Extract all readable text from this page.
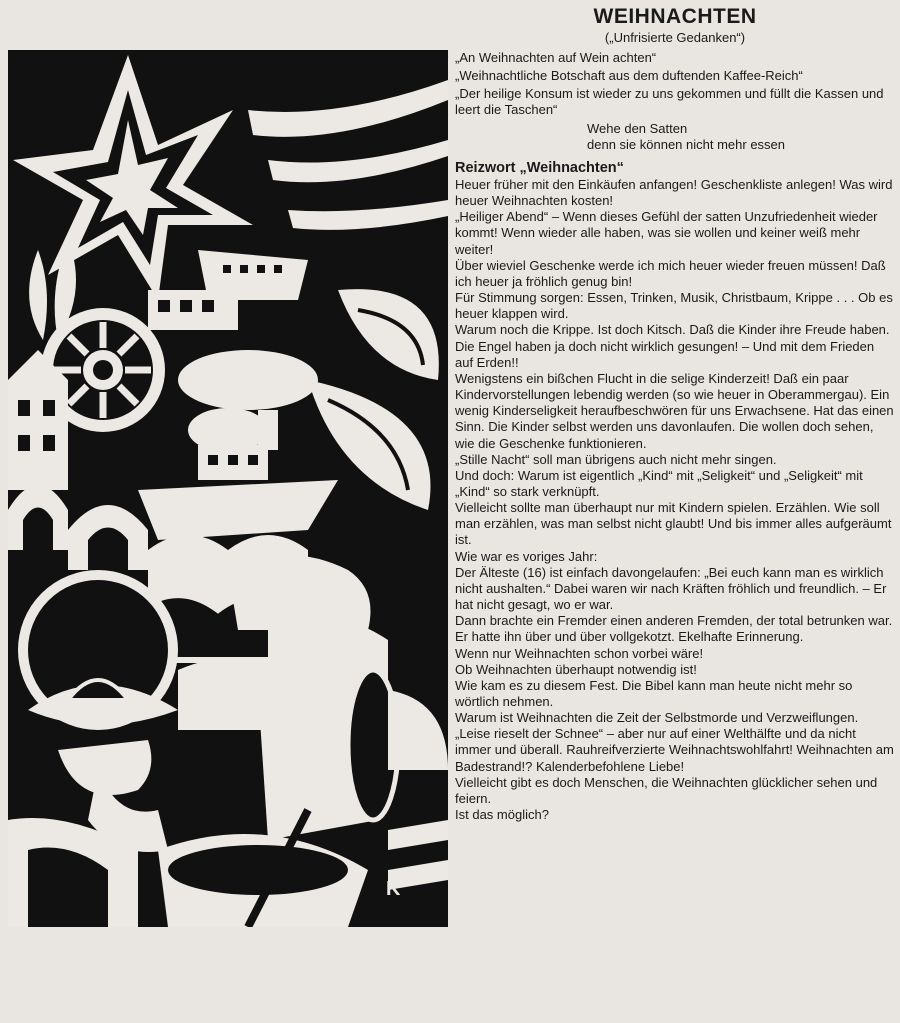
K
WEIHNACHTEN

(„Unfrisierte Gedanken“)

„An Weihnachten auf Wein achten“

„Weihnachtliche Botschaft aus dem duftenden Kaffee-Reich“

„Der heilige Konsum ist wieder zu uns gekommen und füllt die Kassen und leert die Taschen“

Wehe den Satten

denn sie können nicht mehr essen

Reizwort „Weihnachten“

Heuer früher mit den Einkäufen anfangen! Geschenkliste anlegen! Was wird heuer Weihnachten kosten!

„Heiliger Abend“ – Wenn dieses Gefühl der satten Unzufriedenheit wieder kommt! Wenn wieder alle haben, was sie wollen und keiner weiß mehr weiter!

Über wieviel Geschenke werde ich mich heuer wieder freuen müssen! Daß ich heuer ja fröhlich genug bin!

Für Stimmung sorgen: Essen, Trinken, Musik, Christbaum, Krippe . . . Ob es heuer klappen wird.

Warum noch die Krippe. Ist doch Kitsch. Daß die Kinder ihre Freude haben.

Die Engel haben ja doch nicht wirklich gesungen! – Und mit dem Frieden auf Erden!!

Wenigstens ein bißchen Flucht in die selige Kinderzeit! Daß ein paar Kindervorstellungen lebendig werden (so wie heuer in Oberammergau). Ein wenig Kinderseligkeit heraufbeschwören für uns Erwachsene. Hat das einen Sinn. Die Kinder selbst werden uns davonlaufen. Die wollen doch sehen, wie die Geschenke funktionieren.

„Stille Nacht“ soll man übrigens auch nicht mehr singen.

Und doch: Warum ist eigentlich „Kind“ mit „Seligkeit“ und „Seligkeit“ mit „Kind“ so stark verknüpft.

Vielleicht sollte man überhaupt nur mit Kindern spielen. Erzählen. Wie soll man erzählen, was man selbst nicht glaubt! Und bis immer alles aufgeräumt ist.

Wie war es voriges Jahr:

Der Älteste (16) ist einfach davongelaufen: „Bei euch kann man es wirklich nicht aushalten.“ Dabei waren wir nach Kräften fröhlich und freundlich. – Er hat nicht gesagt, wo er war.

Dann brachte ein Fremder einen anderen Fremden, der total betrunken war. Er hatte ihn über und über vollgekotzt. Ekelhafte Erinnerung.

Wenn nur Weihnachten schon vorbei wäre!

Ob Weihnachten überhaupt notwendig ist!

Wie kam es zu diesem Fest. Die Bibel kann man heute nicht mehr so wörtlich nehmen.

Warum ist Weihnachten die Zeit der Selbstmorde und Verzweiflungen. „Leise rieselt der Schnee“ – aber nur auf einer Welthälfte und da nicht immer und überall. Rauhreifverzierte Weihnachtswohlfahrt! Weihnachten am Badestrand!? Kalenderbefohlene Liebe!

Vielleicht gibt es doch Menschen, die Weihnachten glücklicher sehen und feiern.

Ist das möglich?
